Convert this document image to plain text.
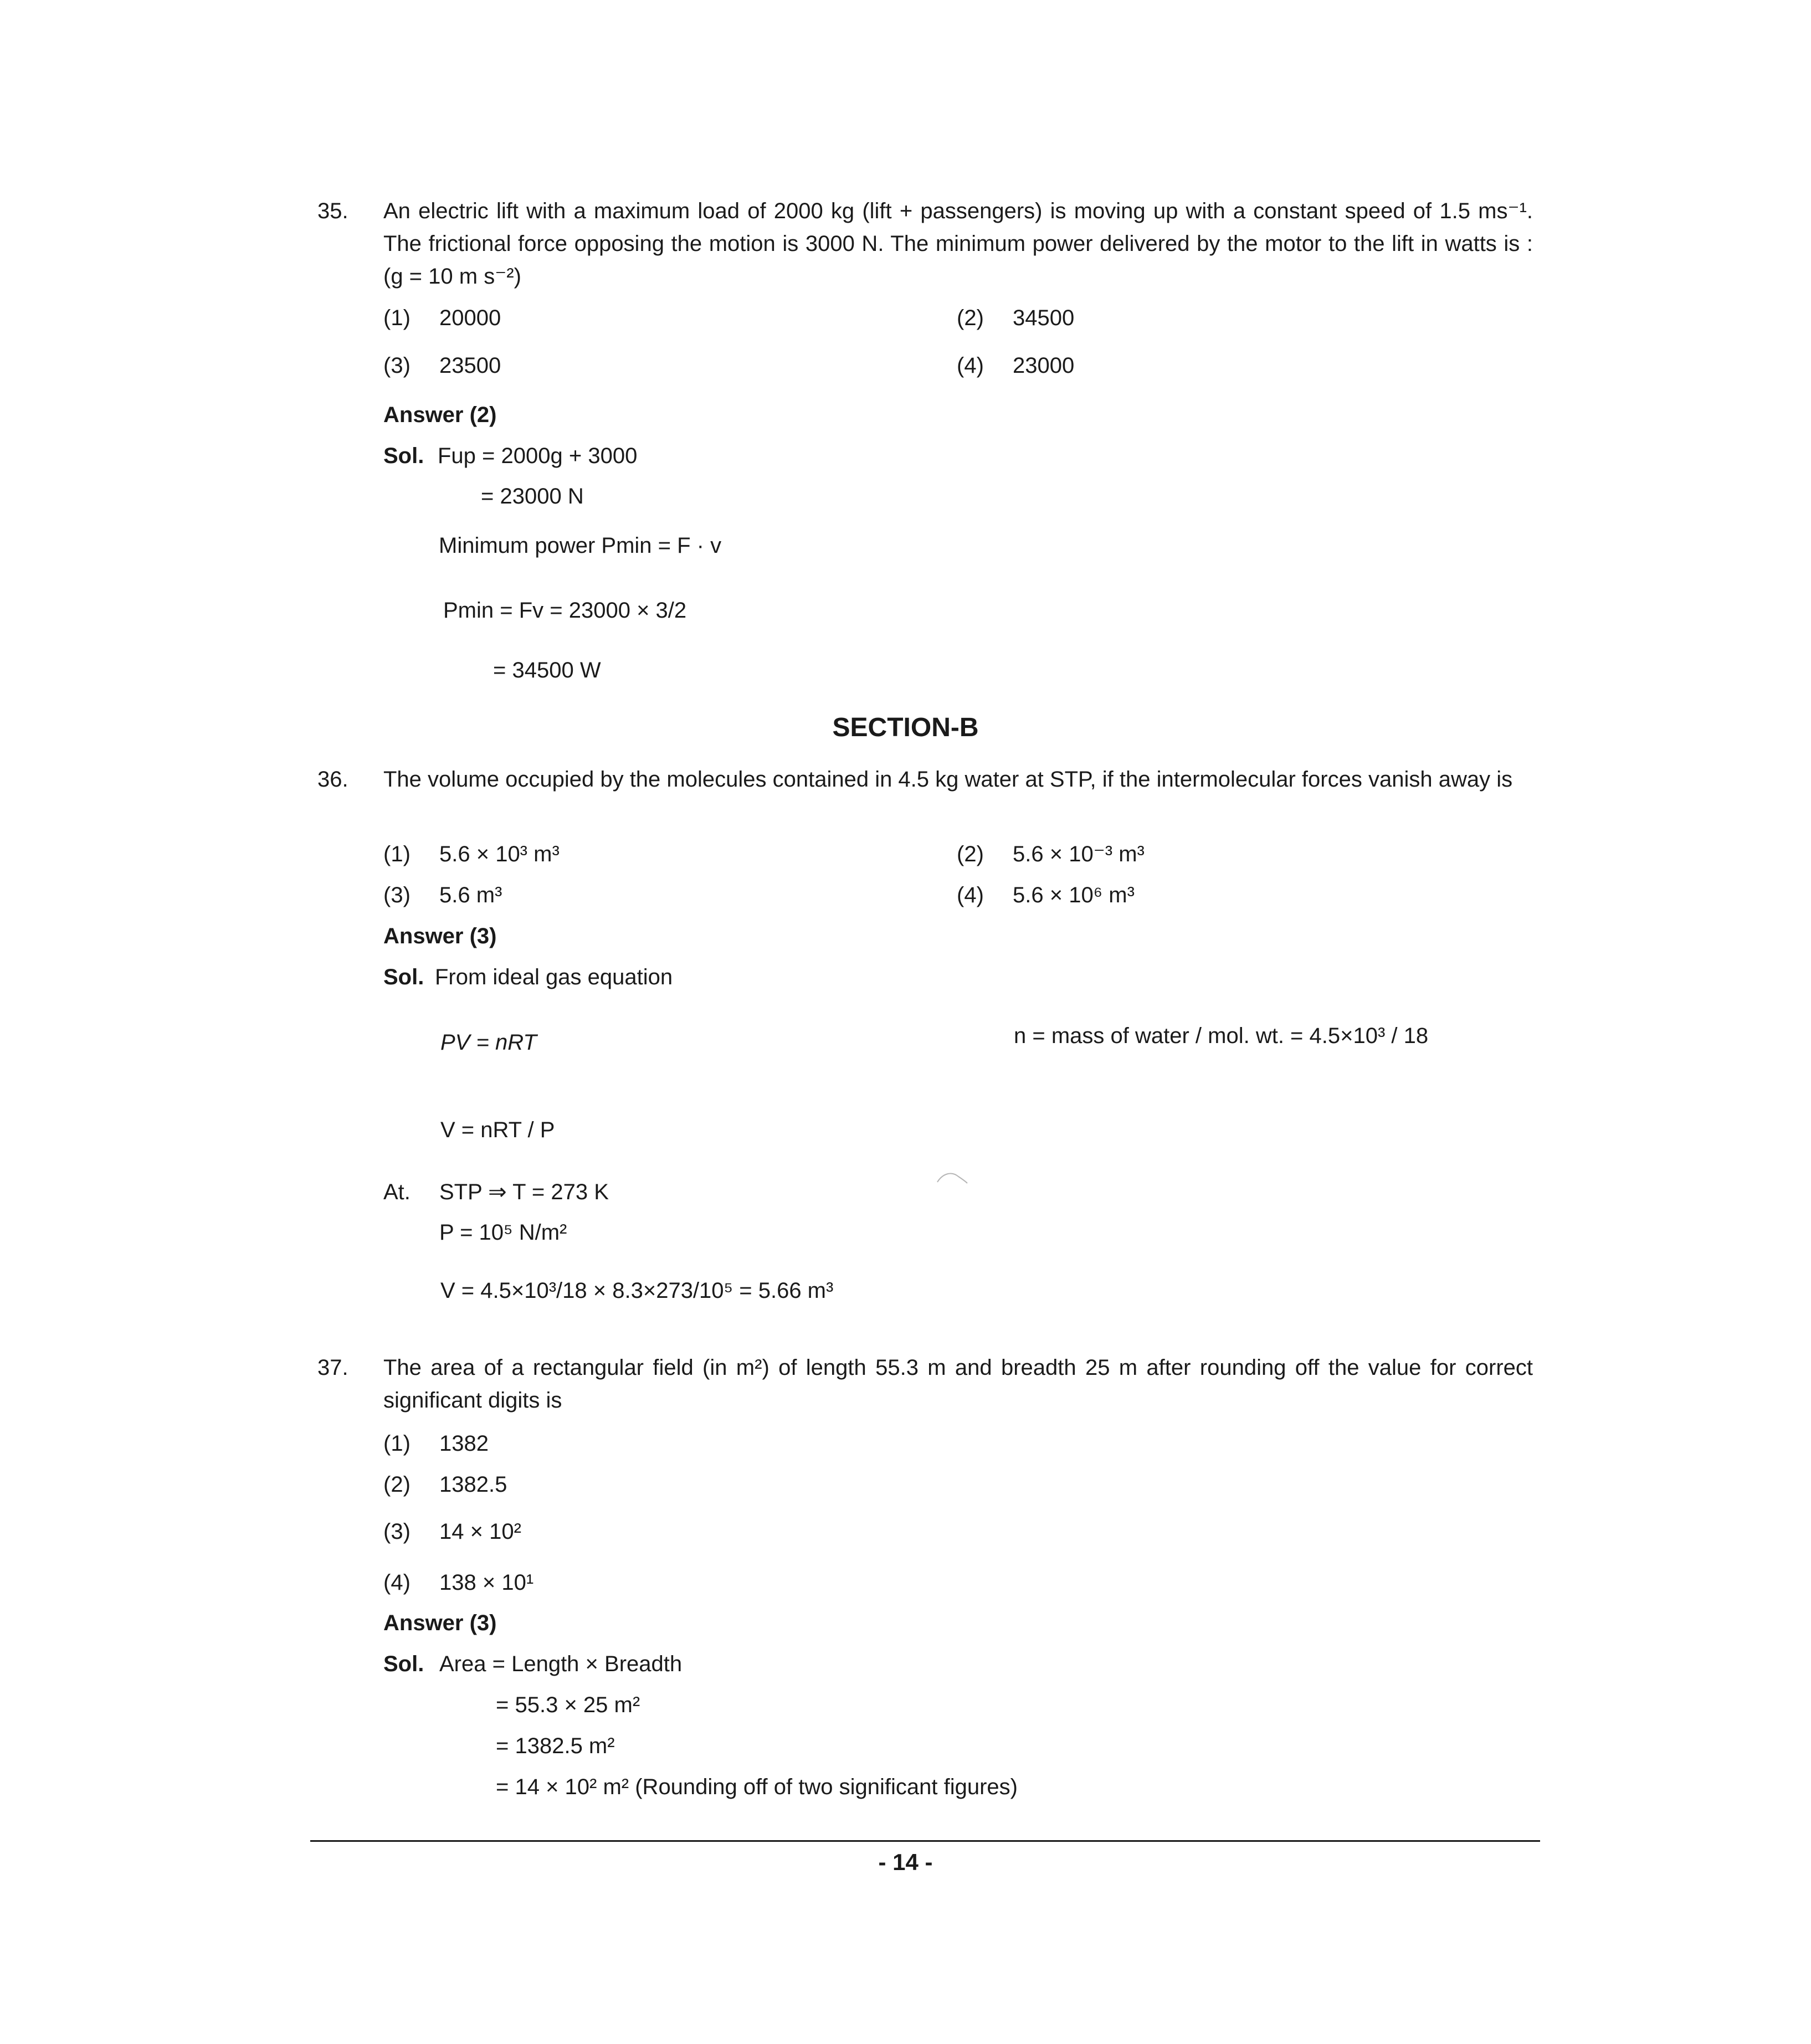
35. An electric lift with a maximum load of 2000 kg (lift + passengers) is moving up with a constant speed of 1.5 ms⁻¹. The frictional force opposing the motion is 3000 N. The minimum power delivered by the motor to the lift in watts is : (g = 10 m s⁻²)
(1) 20000	(2) 34500
(3) 23500	(4) 23000
Answer (2)
Sol. Fup = 2000g + 3000
= 23000 N
Minimum power Pmin = F · v
Pmin = Fv = 23000 × 3/2
= 34500 W
SECTION-B
36. The volume occupied by the molecules contained in 4.5 kg water at STP, if the intermolecular forces vanish away is
(1) 5.6 × 10³ m³	(2) 5.6 × 10⁻³ m³
(3) 5.6 m³	(4) 5.6 × 10⁶ m³
Answer (3)
Sol. From ideal gas equation
PV = nRT	n = mass of water / mol. wt. = 4.5×10³ / 18
V = nRT / P
At. STP ⇒ T = 273 K
P = 10⁵ N/m²
V = 4.5×10³/18 × 8.3×273/10⁵ = 5.66 m³
37. The area of a rectangular field (in m²) of length 55.3 m and breadth 25 m after rounding off the value for correct significant digits is
(1) 1382
(2) 1382.5
(3) 14 × 10²
(4) 138 × 10¹
Answer (3)
Sol. Area = Length × Breadth
= 55.3 × 25 m²
= 1382.5 m²
= 14 × 10² m² (Rounding off of two significant figures)
- 14 -
